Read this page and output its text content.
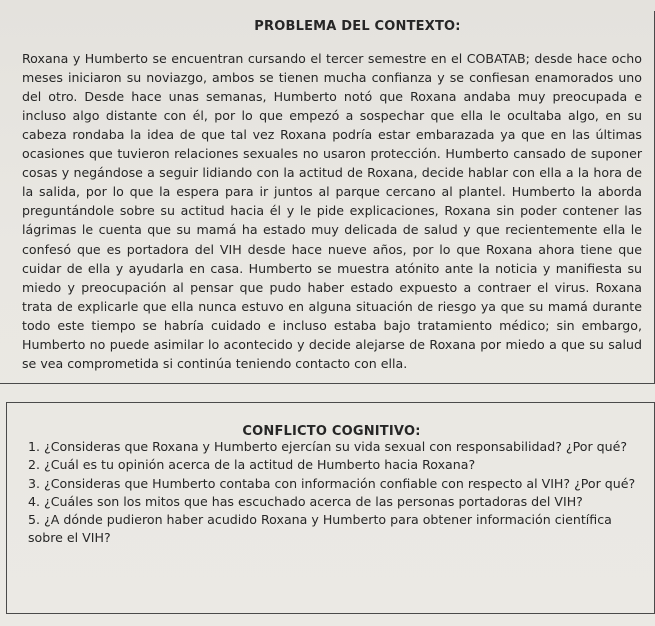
PROBLEMA DEL CONTEXTO:

Roxana y Humberto se encuentran cursando el tercer semestre en el COBATAB; desde hace ocho meses iniciaron su noviazgo, ambos se tienen mucha confianza y se confiesan enamorados uno del otro. Desde hace unas semanas, Humberto notó que Roxana andaba muy preocupada e incluso algo distante con él, por lo que empezó a sospechar que ella le ocultaba algo, en su cabeza rondaba la idea de que tal vez Roxana podría estar embarazada ya que en las últimas ocasiones que tuvieron relaciones sexuales no usaron protección. Humberto cansado de suponer cosas y negándose a seguir lidiando con la actitud de Roxana, decide hablar con ella a la hora de la salida, por lo que la espera para ir juntos al parque cercano al plantel. Humberto la aborda preguntándole sobre su actitud hacia él y le pide explicaciones, Roxana sin poder contener las lágrimas le cuenta que su mamá ha estado muy delicada de salud y que recientemente ella le confesó que es portadora del VIH desde hace nueve años, por lo que Roxana ahora tiene que cuidar de ella y ayudarla en casa. Humberto se muestra atónito ante la noticia y manifiesta su miedo y preocupación al pensar que pudo haber estado expuesto a contraer el virus. Roxana trata de explicarle que ella nunca estuvo en alguna situación de riesgo ya que su mamá durante todo este tiempo se habría cuidado e incluso estaba bajo tratamiento médico; sin embargo, Humberto no puede asimilar lo acontecido y decide alejarse de Roxana por miedo a que su salud se vea comprometida si continúa teniendo contacto con ella.

CONFLICTO COGNITIVO:

1. ¿Consideras que Roxana y Humberto ejercían su vida sexual con responsabilidad? ¿Por qué?

2. ¿Cuál es tu opinión acerca de la actitud de Humberto hacia Roxana?

3. ¿Consideras que Humberto contaba con información confiable con respecto al VIH? ¿Por qué?

4. ¿Cuáles son los mitos que has escuchado acerca de las personas portadoras del VIH?

5. ¿A dónde pudieron haber acudido Roxana y Humberto para obtener información científica sobre el VIH?
